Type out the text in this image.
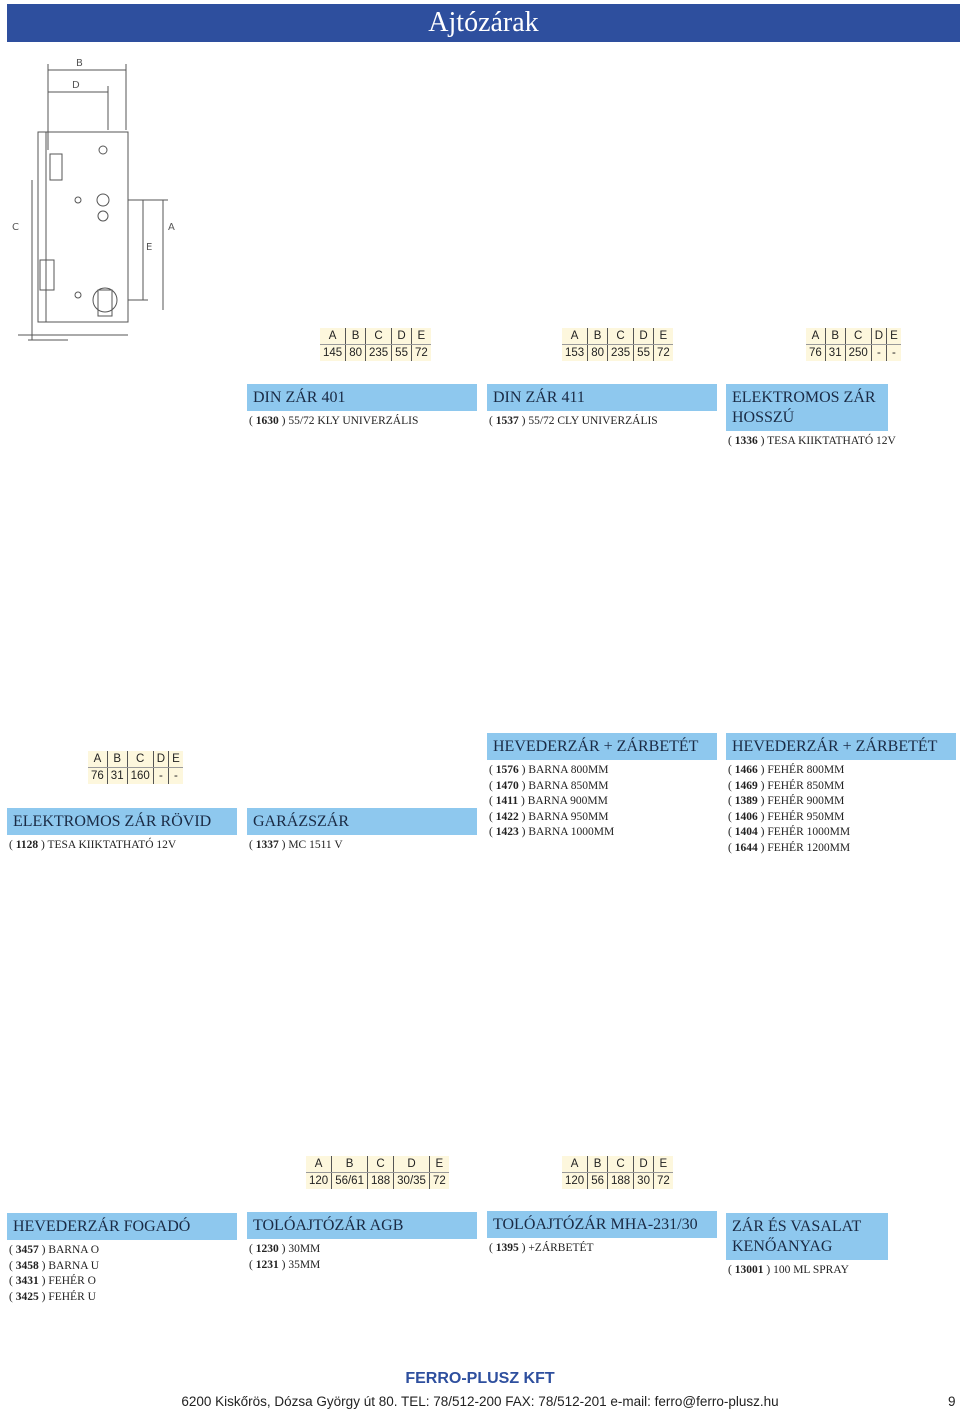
Ajtózárak
B
D
C	A
E
A	B	C	D	E
145	80	235	55	72
A	B	C	D	E
153	80	235	55	72
A	B	C	D	E
76	31	250	-	-
A	B	C	D	E
76	31	160	-	-
A	B	C	D	E
120	56/61	188	30/35	72
A	B	C	D	E
120	56	188	30	72
DIN ZÁR 401
( 1630 ) 55/72 KLY UNIVERZÁLIS
DIN ZÁR 411
( 1537 ) 55/72 CLY UNIVERZÁLIS
ELEKTROMOS ZÁR HOSSZÚ
( 1336 ) TESA KIIKTATHATÓ 12V
ELEKTROMOS ZÁR RÖVID
( 1128 ) TESA KIIKTATHATÓ 12V
GARÁZSZÁR
( 1337 ) MC 1511 V
HEVEDERZÁR + ZÁRBETÉT
( 1576 ) BARNA 800MM
( 1470 ) BARNA 850MM
( 1411 ) BARNA 900MM
( 1422 ) BARNA 950MM
( 1423 ) BARNA 1000MM
HEVEDERZÁR + ZÁRBETÉT
( 1466 ) FEHÉR 800MM
( 1469 ) FEHÉR 850MM
( 1389 ) FEHÉR 900MM
( 1406 ) FEHÉR 950MM
( 1404 ) FEHÉR 1000MM
( 1644 ) FEHÉR 1200MM
HEVEDERZÁR FOGADÓ
( 3457 ) BARNA O
( 3458 ) BARNA U
( 3431 ) FEHÉR O
( 3425 ) FEHÉR U
TOLÓAJTÓZÁR AGB
( 1230 ) 30MM
( 1231 ) 35MM
TOLÓAJTÓZÁR MHA-231/30
( 1395 ) +ZÁRBETÉT
ZÁR ÉS VASALAT KENŐANYAG
( 13001 ) 100 ML SPRAY
FERRO-PLUSZ KFT
6200 Kiskőrös, Dózsa György út 80. TEL: 78/512-200 FAX: 78/512-201 e-mail: ferro@ferro-plusz.hu	9
